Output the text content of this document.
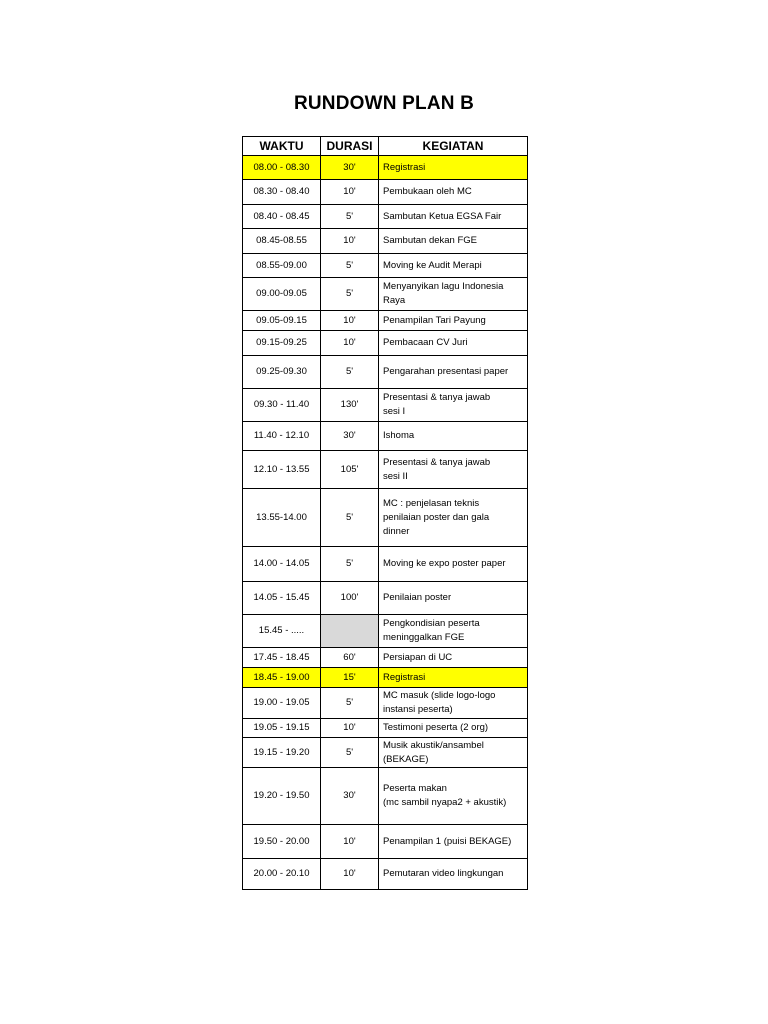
RUNDOWN PLAN B
WAKTU	DURASI	KEGIATAN
08.00 - 08.30	30'	Registrasi

08.30 - 08.40	10'	Pembukaan oleh MC

08.40 - 08.45	5'	Sambutan Ketua EGSA Fair

08.45-08.55	10'	Sambutan dekan FGE

08.55-09.00	5'	Moving ke Audit Merapi

09.00-09.05	5'	Menyanyikan lagu Indonesia
Raya

09.05-09.15	10'	Penampilan Tari Payung

09.15-09.25	10'	Pembacaan CV Juri

09.25-09.30	5'	Pengarahan presentasi paper

09.30 - 11.40	130'	Presentasi & tanya jawab
sesi I

11.40 - 12.10	30'	Ishoma

12.10 - 13.55	105'	Presentasi & tanya jawab
sesi II

13.55-14.00	5'	MC : penjelasan teknis
penilaian poster dan gala
dinner

14.00 - 14.05	5'	Moving ke expo poster paper

14.05 - 15.45	100'	Penilaian poster

15.45 - .....		Pengkondisian peserta
meninggalkan FGE

17.45 - 18.45	60'	Persiapan di UC

18.45 - 19.00	15'	Registrasi

19.00 - 19.05	5'	MC masuk (slide logo-logo
instansi peserta)

19.05 - 19.15	10'	Testimoni peserta (2 org)

19.15 - 19.20	5'	Musik akustik/ansambel
(BEKAGE)

19.20 - 19.50	30'	Peserta makan
(mc sambil nyapa2 + akustik)

19.50 - 20.00	10'	Penampilan 1 (puisi BEKAGE)

20.00 - 20.10	10'	Pemutaran video lingkungan
